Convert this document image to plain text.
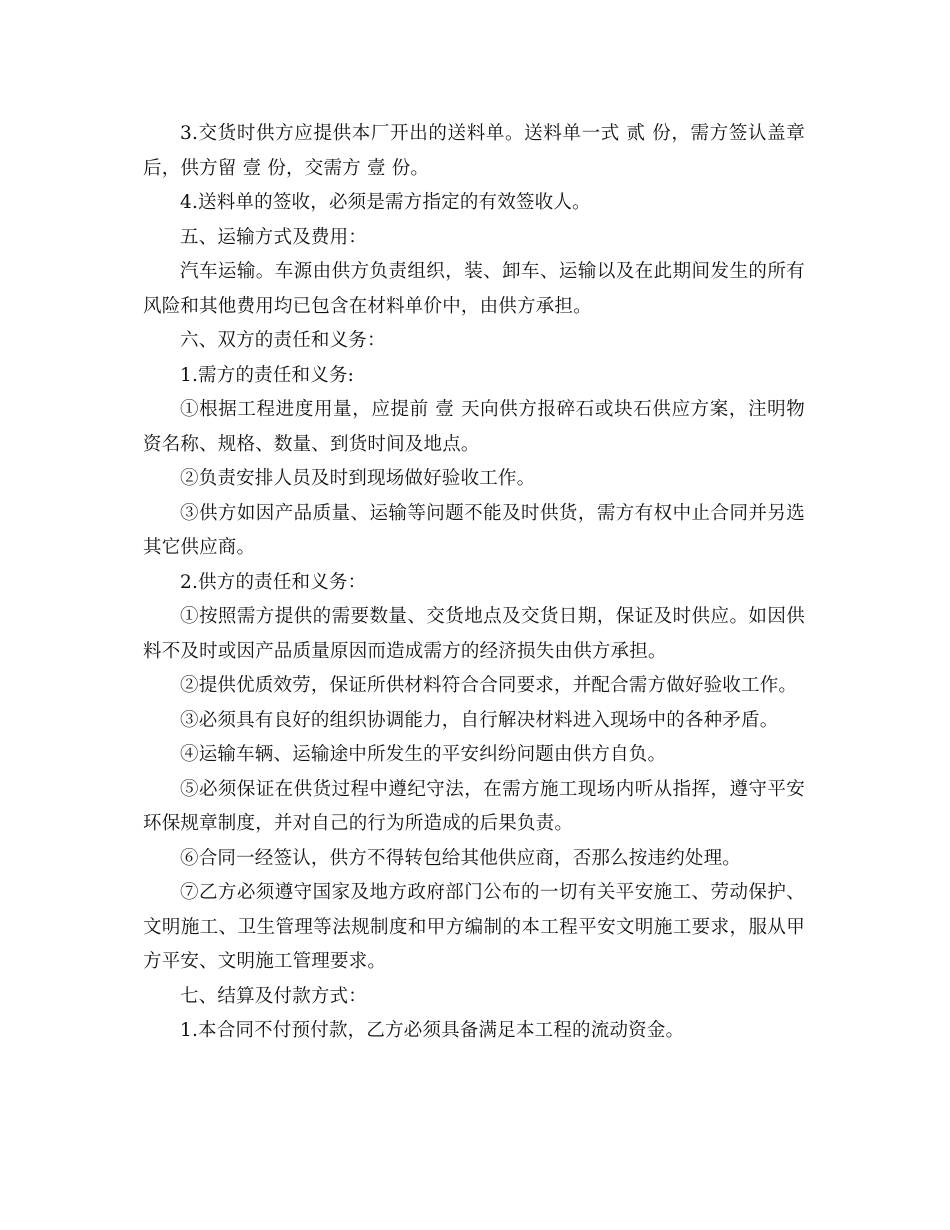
3.交货时供方应提供本厂开出的送料单。送料单一式 贰 份，需方签认盖章后，供方留 壹 份，交需方 壹 份。

4.送料单的签收，必须是需方指定的有效签收人。

五、运输方式及费用：

汽车运输。车源由供方负责组织，装、卸车、运输以及在此期间发生的所有风险和其他费用均已包含在材料单价中，由供方承担。

六、双方的责任和义务：

1.需方的责任和义务:

①根据工程进度用量，应提前 壹 天向供方报碎石或块石供应方案，注明物资名称、规格、数量、到货时间及地点。

②负责安排人员及时到现场做好验收工作。

③供方如因产品质量、运输等问题不能及时供货，需方有权中止合同并另选其它供应商。

2.供方的责任和义务：

①按照需方提供的需要数量、交货地点及交货日期，保证及时供应。如因供料不及时或因产品质量原因而造成需方的经济损失由供方承担。

②提供优质效劳，保证所供材料符合合同要求，并配合需方做好验收工作。

③必须具有良好的组织协调能力，自行解决材料进入现场中的各种矛盾。

④运输车辆、运输途中所发生的平安纠纷问题由供方自负。

⑤必须保证在供货过程中遵纪守法，在需方施工现场内听从指挥，遵守平安环保规章制度，并对自己的行为所造成的后果负责。

⑥合同一经签认，供方不得转包给其他供应商，否那么按违约处理。

⑦乙方必须遵守国家及地方政府部门公布的一切有关平安施工、劳动保护、文明施工、卫生管理等法规制度和甲方编制的本工程平安文明施工要求，服从甲方平安、文明施工管理要求。

七、结算及付款方式：

1.本合同不付预付款，乙方必须具备满足本工程的流动资金。
